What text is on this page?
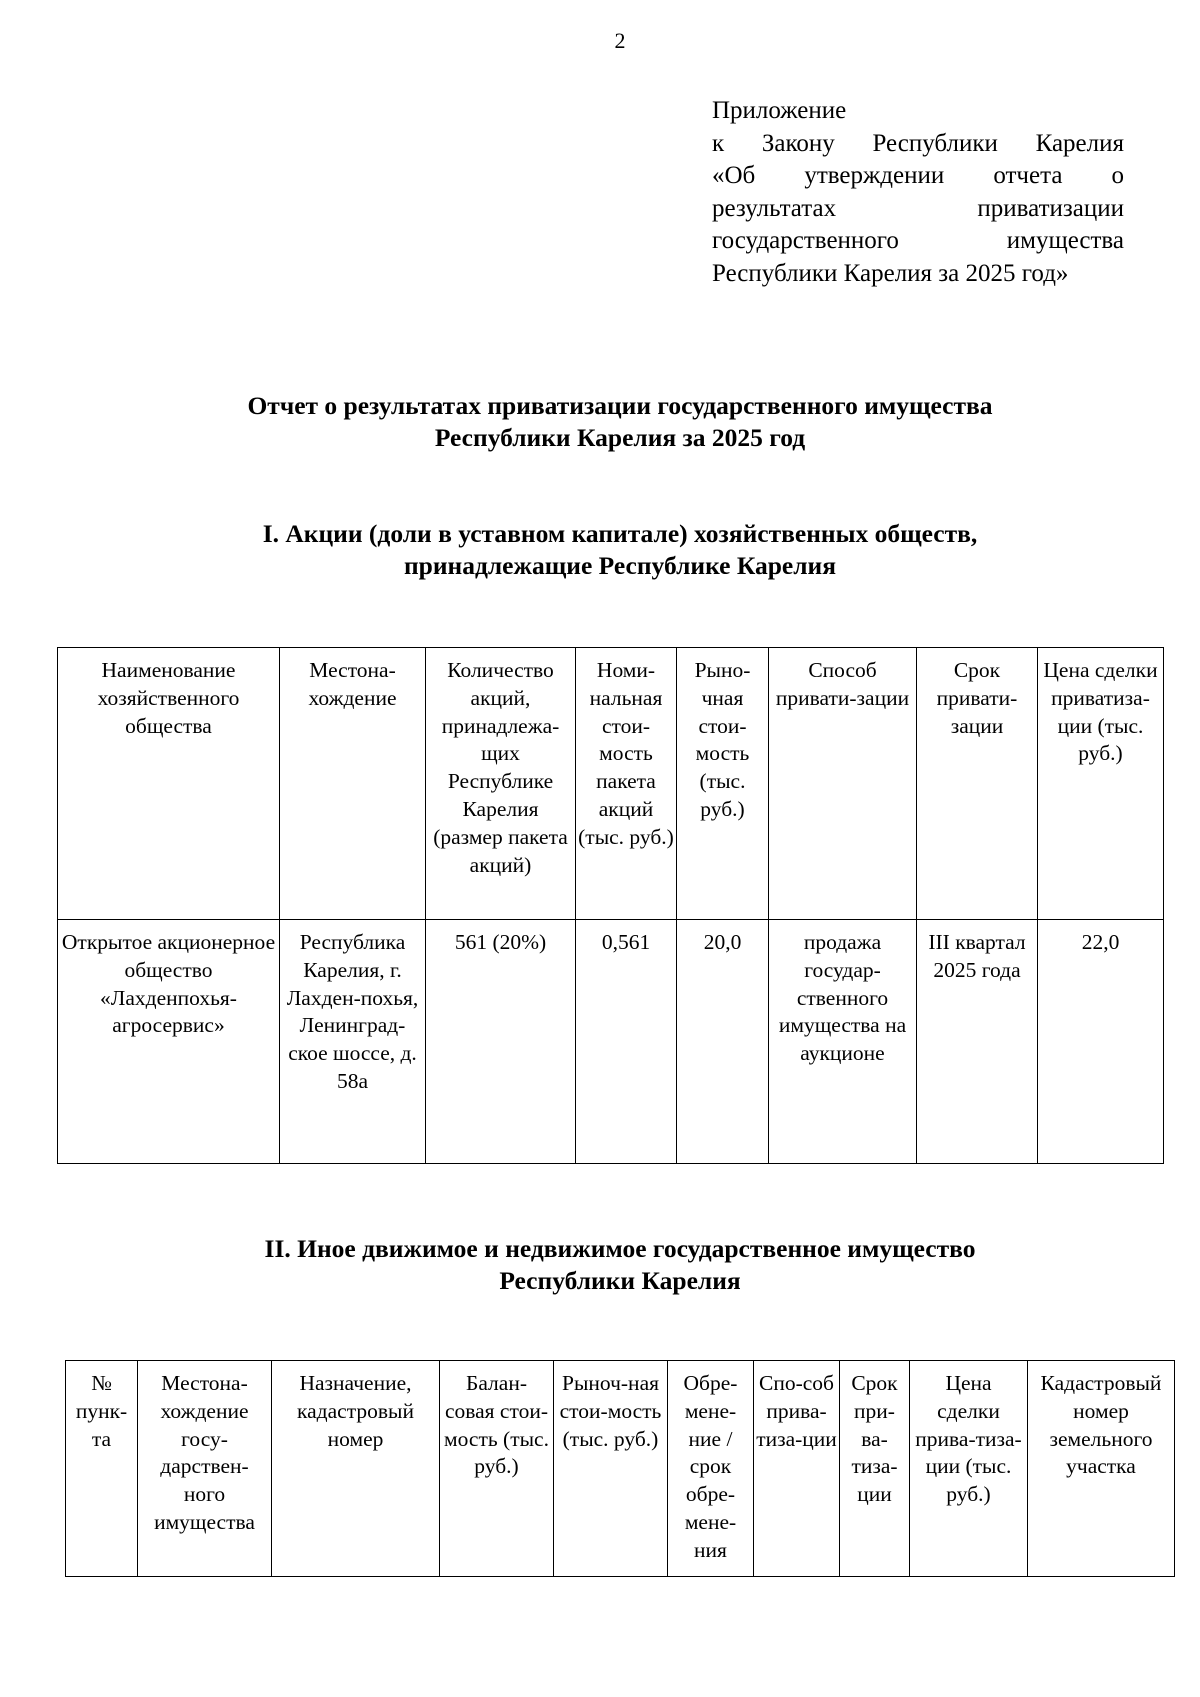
2
Приложение
к Закону Республики Карелия
«Об утверждении отчета о
результатах приватизации
государственного имущества
Республики Карелия за 2025 год»
Отчет о результатах приватизации государственного имущества
Республики Карелия за 2025 год
I. Акции (доли в уставном капитале) хозяйственных обществ,
принадлежащие Республике Карелия
Наименование хозяйственного общества	Местона-хождение	Количество акций, принадлежа-щих Республике Карелия (размер пакета акций)	Номи-нальная стои-мость пакета акций (тыс. руб.)	Рыно-чная стои-мость (тыс. руб.)	Способ привати-зации	Срок привати-зации	Цена сделки приватиза-ции (тыс. руб.)
Открытое акционерное общество «Лахденпохья-агросервис»	Республика Карелия, г. Лахден-похья, Ленинград-ское шоссе, д. 58а	561 (20%)	0,561	20,0	продажа государ-ственного имущества на аукционе	III квартал 2025 года	22,0
II. Иное движимое и недвижимое государственное имущество
Республики Карелия
№ пунк-та	Местона-хождение госу-дарствен-ного имущества	Назначение, кадастровый номер	Балан-совая стои-мость (тыс. руб.)	Рыноч-ная стои-мость (тыс. руб.)	Обре-мене-ние / срок обре-мене-ния	Спо-соб прива-тиза-ции	Срок при-ва-тиза-ции	Цена сделки прива-тиза-ции (тыс. руб.)	Кадастровый номер земельного участка
